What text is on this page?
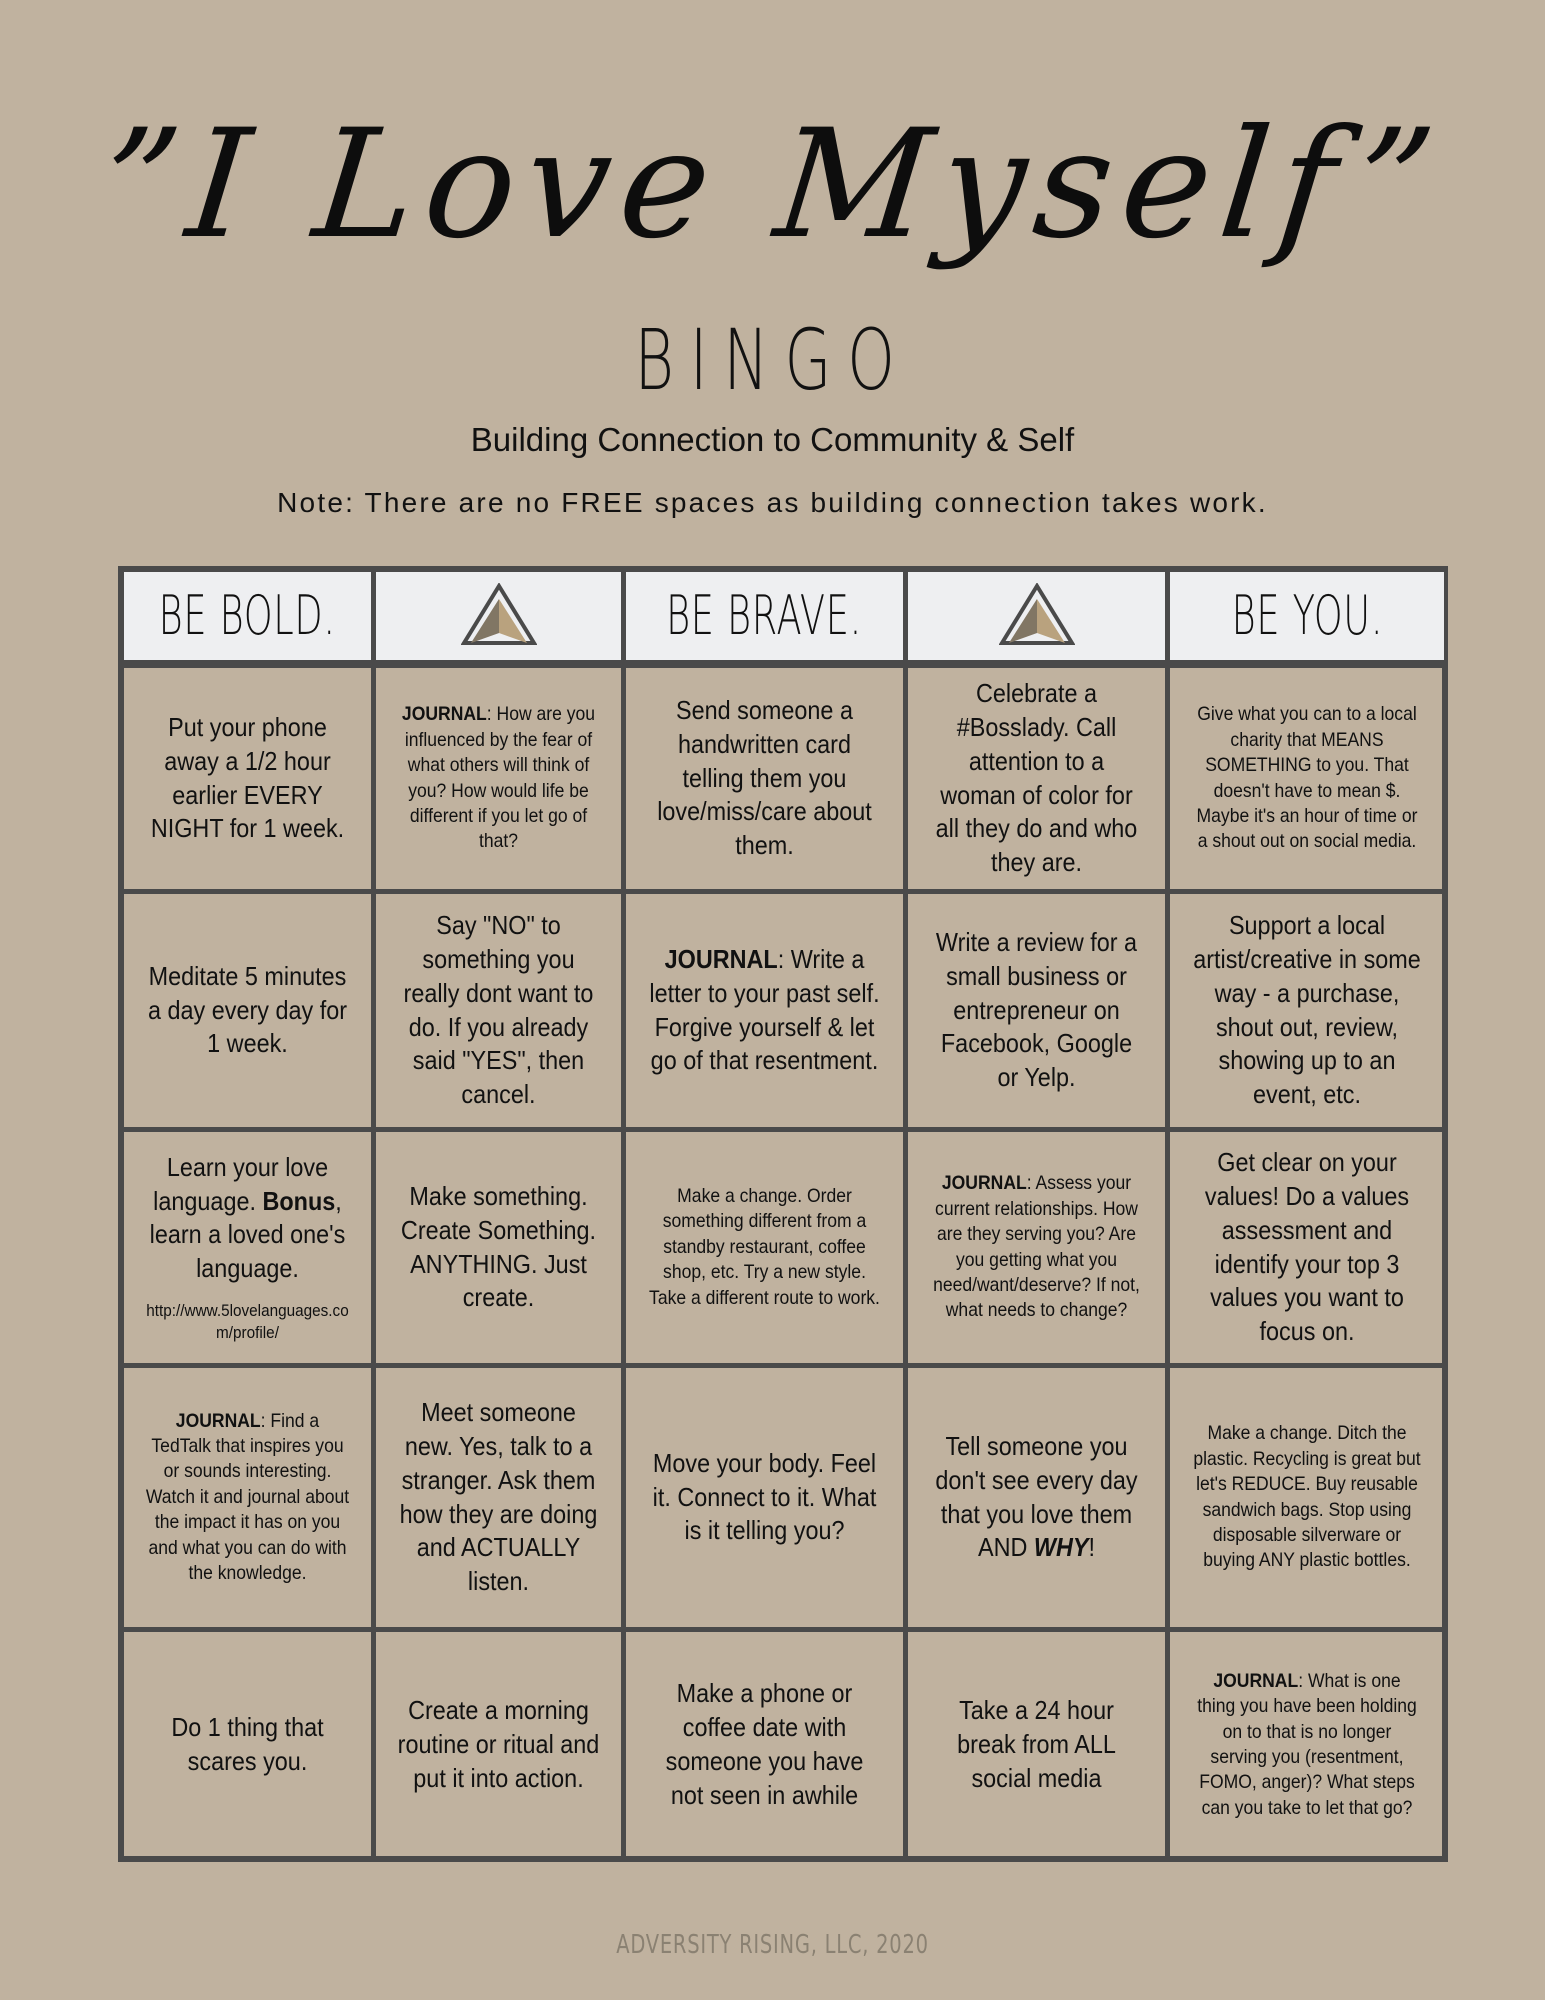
”I Love Myself”
BINGO
Building Connection to Community & Self
Note: There are no FREE spaces as building connection takes work.
BE BOLD.	BE BRAVE.	BE YOU.
Put your phone away a 1/2 hour earlier EVERY NIGHT for 1 week.
JOURNAL: How are you influenced by the fear of what others will think of you? How would life be different if you let go of that?
Send someone a handwritten card telling them you love/miss/care about them.
Celebrate a #Bosslady. Call attention to a woman of color for all they do and who they are.
Give what you can to a local charity that MEANS SOMETHING to you. That doesn't have to mean $. Maybe it's an hour of time or a shout out on social media.
Meditate 5 minutes a day every day for 1 week.
Say "NO" to something you really dont want to do. If you already said "YES", then cancel.
JOURNAL: Write a letter to your past self. Forgive yourself & let go of that resentment.
Write a review for a small business or entrepreneur on Facebook, Google or Yelp.
Support a local artist/creative in some way - a purchase, shout out, review, showing up to an event, etc.
Learn your love language. Bonus, learn a loved one's language.
http://www.5lovelanguages.com/profile/
Make something. Create Something. ANYTHING. Just create.
Make a change. Order something different from a standby restaurant, coffee shop, etc. Try a new style. Take a different route to work.
JOURNAL: Assess your current relationships. How are they serving you? Are you getting what you need/want/deserve? If not, what needs to change?
Get clear on your values! Do a values assessment and identify your top 3 values you want to focus on.
JOURNAL: Find a TedTalk that inspires you or sounds interesting. Watch it and journal about the impact it has on you and what you can do with the knowledge.
Meet someone new. Yes, talk to a stranger. Ask them how they are doing and ACTUALLY listen.
Move your body. Feel it. Connect to it. What is it telling you?
Tell someone you don't see every day that you love them AND WHY!
Make a change. Ditch the plastic. Recycling is great but let's REDUCE. Buy reusable sandwich bags. Stop using disposable silverware or buying ANY plastic bottles.
Do 1 thing that scares you.
Create a morning routine or ritual and put it into action.
Make a phone or coffee date with someone you have not seen in awhile
Take a 24 hour break from ALL social media
JOURNAL: What is one thing you have been holding on to that is no longer serving you (resentment, FOMO, anger)? What steps can you take to let that go?
ADVERSITY RISING, LLC, 2020
